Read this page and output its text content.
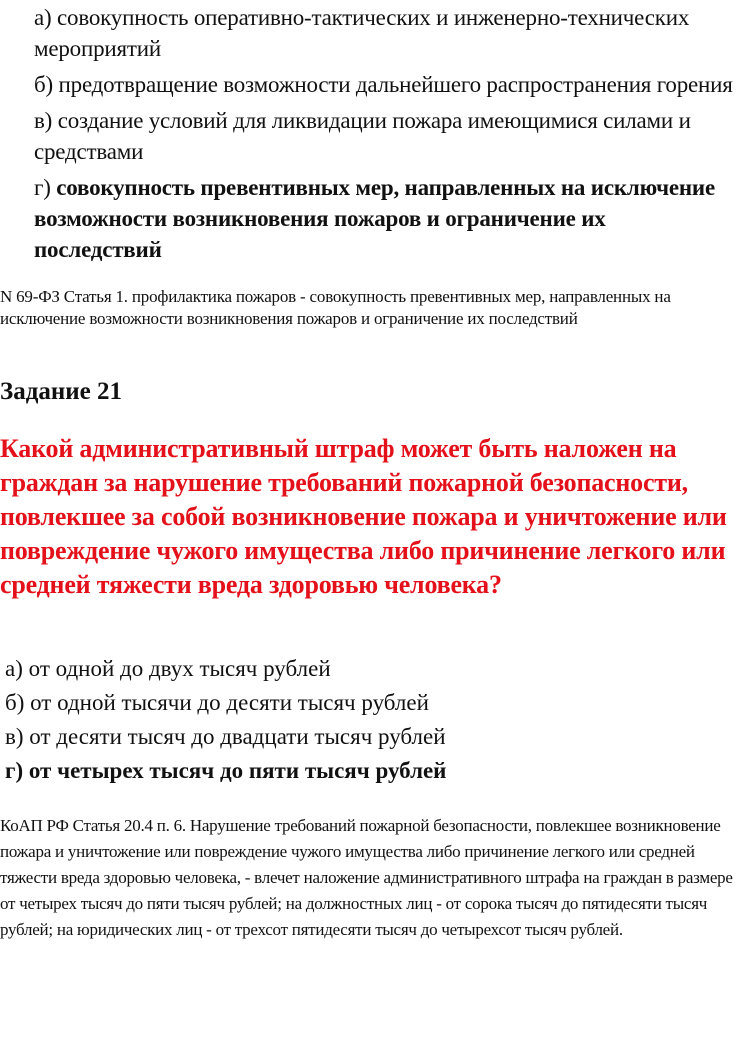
а) совокупность оперативно-тактических и инженерно-технических мероприятий

б) предотвращение возможности дальнейшего распространения горения

в) создание условий для ликвидации пожара имеющимися силами и средствами

г) совокупность превентивных мер, направленных на исключение возможности возникновения пожаров и ограничение их последствий

N 69-ФЗ Статья 1. профилактика пожаров - совокупность превентивных мер, направленных на исключение возможности возникновения пожаров и ограничение их последствий
Задание 21
Какой административный штраф может быть наложен на граждан за нарушение требований пожарной безопасности, повлекшее за собой возникновение пожара и уничтожение или повреждение чужого имущества либо причинение легкого или средней тяжести вреда здоровью человека?

а) от одной до двух тысяч рублей

б) от одной тысячи до десяти тысяч рублей

в) от десяти тысяч до двадцати тысяч рублей

г) от четырех тысяч до пяти тысяч рублей

КоАП РФ Статья 20.4 п. 6. Нарушение требований пожарной безопасности, повлекшее возникновение пожара и уничтожение или повреждение чужого имущества либо причинение легкого или средней тяжести вреда здоровью человека, - влечет наложение административного штрафа на граждан в размере от четырех тысяч до пяти тысяч рублей; на должностных лиц - от сорока тысяч до пятидесяти тысяч рублей; на юридических лиц - от трехсот пятидесяти тысяч до четырехсот тысяч рублей.
